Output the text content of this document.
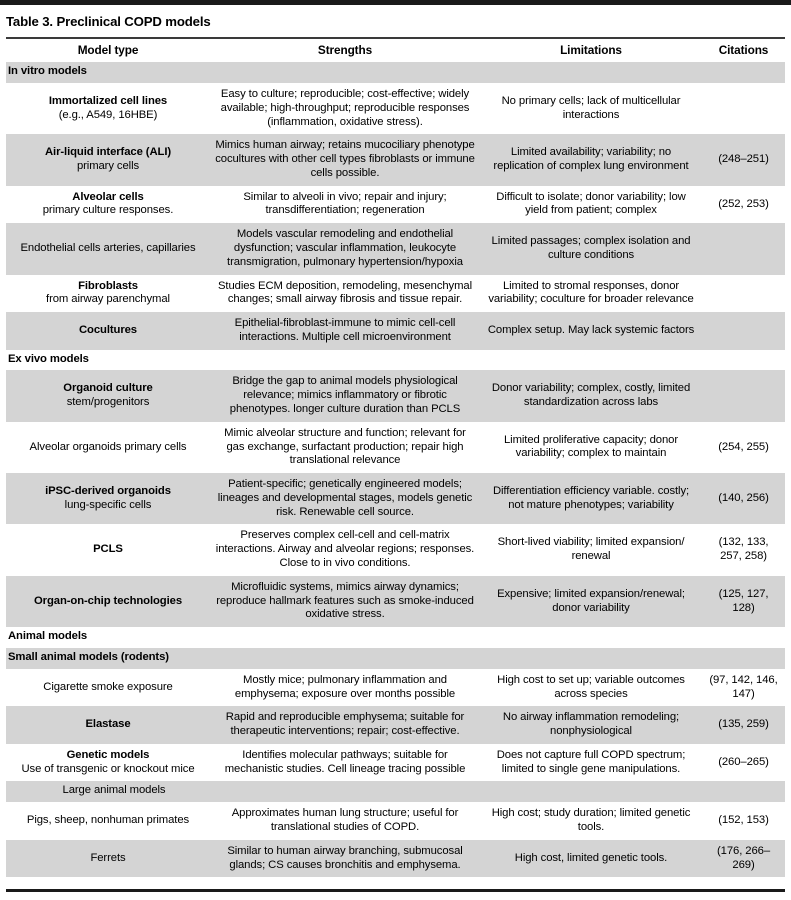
Table 3. Preclinical COPD models
Model type	Strengths	Limitations	Citations
In vitro models			

Immortalized cell lines
(e.g., A549, 16HBE)	Easy to culture; reproducible; cost-effective; widely available; high-throughput; reproducible responses (inflammation, oxidative stress).	No primary cells; lack of multicellular interactions	

Air-liquid interface (ALI)
primary cells	Mimics human airway; retains mucociliary phenotype cocultures with other cell types fibroblasts or immune cells possible.	Limited availability; variability; no replication of complex lung environment	(248–251)

Alveolar cells
primary culture responses.	Similar to alveoli in vivo; repair and injury; transdifferentiation; regeneration	Difficult to isolate; donor variability; low yield from patient; complex	(252, 253)

Endothelial cells arteries, capillaries	Models vascular remodeling and endothelial dysfunction; vascular inflammation, leukocyte transmigration, pulmonary hypertension/hypoxia	Limited passages; complex isolation and culture conditions	

Fibroblasts
from airway parenchymal	Studies ECM deposition, remodeling, mesenchymal changes; small airway fibrosis and tissue repair.	Limited to stromal responses, donor variability; coculture for broader relevance	

Cocultures	Epithelial-fibroblast-immune to mimic cell-cell interactions. Multiple cell microenvironment	Complex setup. May lack systemic factors	
Ex vivo models			

Organoid culture
stem/progenitors	Bridge the gap to animal models physiological relevance; mimics inflammatory or fibrotic phenotypes. longer culture duration than PCLS	Donor variability; complex, costly, limited standardization across labs	

Alveolar organoids primary cells	Mimic alveolar structure and function; relevant for gas exchange, surfactant production; repair high translational relevance	Limited proliferative capacity; donor variability; complex to maintain	(254, 255)

iPSC-derived organoids
lung-specific cells	Patient-specific; genetically engineered models; lineages and developmental stages, models genetic risk. Renewable cell source.	Differentiation efficiency variable. costly; not mature phenotypes; variability	(140, 256)

PCLS	Preserves complex cell-cell and cell-matrix interactions. Airway and alveolar regions; responses. Close to in vivo conditions.	Short-lived viability; limited expansion/ renewal	(132, 133, 257, 258)

Organ-on-chip technologies	Microfluidic systems, mimics airway dynamics; reproduce hallmark features such as smoke-induced oxidative stress.	Expensive; limited expansion/renewal; donor variability	(125, 127, 128)
Animal models			
Small animal models (rodents)			

Cigarette smoke exposure	Mostly mice; pulmonary inflammation and emphysema; exposure over months possible	High cost to set up; variable outcomes across species	(97, 142, 146, 147)

Elastase	Rapid and reproducible emphysema; suitable for therapeutic interventions; repair; cost-effective.	No airway inflammation remodeling; nonphysiological	(135, 259)

Genetic models
Use of transgenic or knockout mice	Identifies molecular pathways; suitable for mechanistic studies. Cell lineage tracing possible	Does not capture full COPD spectrum; limited to single gene manipulations.	(260–265)

Large animal models			

Pigs, sheep, nonhuman primates	Approximates human lung structure; useful for translational studies of COPD.	High cost; study duration; limited genetic tools.	(152, 153)

Ferrets	Similar to human airway branching, submucosal glands; CS causes bronchitis and emphysema.	High cost, limited genetic tools.	(176, 266–269)
